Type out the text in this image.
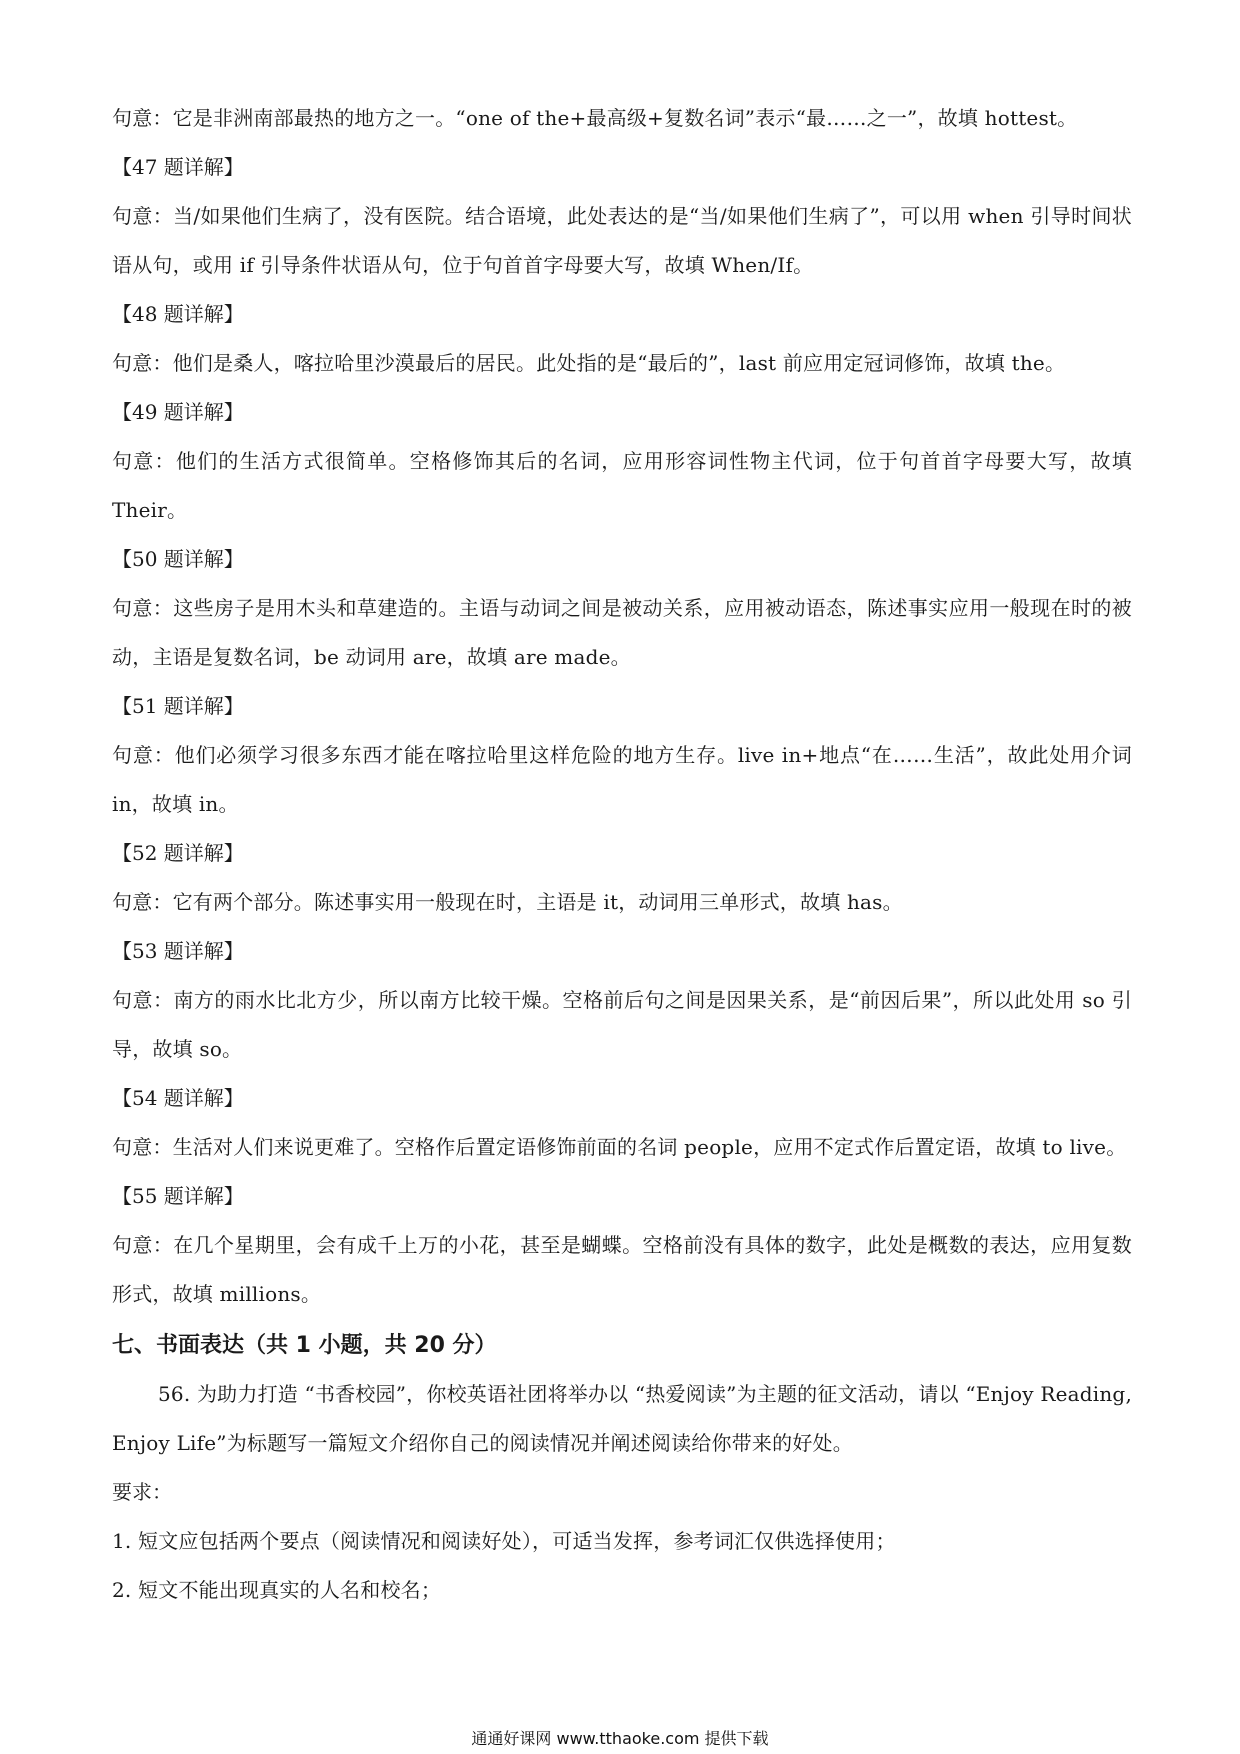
句意：它是非洲南部最热的地方之一。“one of the+最高级+复数名词”表示“最……之一”，故填 hottest。
【47 题详解】
句意：当/如果他们生病了，没有医院。结合语境，此处表达的是“当/如果他们生病了”，可以用 when 引导时间状语从句，或用 if 引导条件状语从句，位于句首首字母要大写，故填 When/If。
【48 题详解】
句意：他们是桑人，喀拉哈里沙漠最后的居民。此处指的是“最后的”，last 前应用定冠词修饰，故填 the。
【49 题详解】
句意：他们的生活方式很简单。空格修饰其后的名词，应用形容词性物主代词，位于句首首字母要大写，故填 Their。
【50 题详解】
句意：这些房子是用木头和草建造的。主语与动词之间是被动关系，应用被动语态，陈述事实应用一般现在时的被动，主语是复数名词，be 动词用 are，故填 are made。
【51 题详解】
句意：他们必须学习很多东西才能在喀拉哈里这样危险的地方生存。live in+地点“在……生活”，故此处用介词 in，故填 in。
【52 题详解】
句意：它有两个部分。陈述事实用一般现在时，主语是 it，动词用三单形式，故填 has。
【53 题详解】
句意：南方的雨水比北方少，所以南方比较干燥。空格前后句之间是因果关系，是“前因后果”，所以此处用 so 引导，故填 so。
【54 题详解】
句意：生活对人们来说更难了。空格作后置定语修饰前面的名词 people，应用不定式作后置定语，故填 to live。
【55 题详解】
句意：在几个星期里，会有成千上万的小花，甚至是蝴蝶。空格前没有具体的数字，此处是概数的表达，应用复数形式，故填 millions。
七、书面表达（共 1 小题，共 20 分）
56. 为助力打造 “书香校园”，你校英语社团将举办以 “热爱阅读”为主题的征文活动，请以 “Enjoy Reading, Enjoy Life”为标题写一篇短文介绍你自己的阅读情况并阐述阅读给你带来的好处。
要求：
1. 短文应包括两个要点（阅读情况和阅读好处），可适当发挥，参考词汇仅供选择使用；
2. 短文不能出现真实的人名和校名；
通通好课网 www.tthaoke.com 提供下载
